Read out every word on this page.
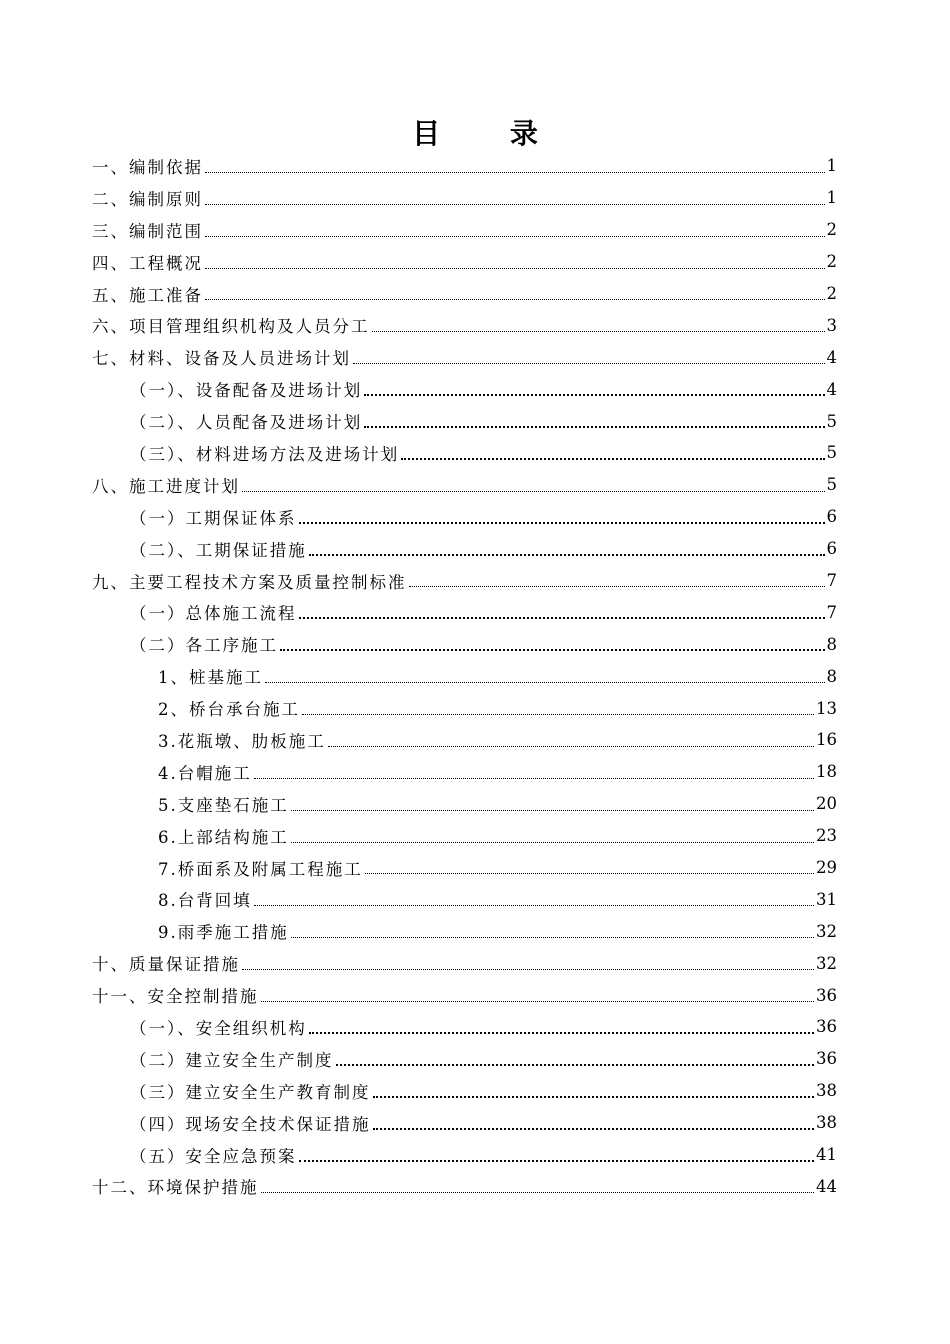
目 录
一、编制依据	1
二、编制原则	1
三、编制范围	2
四、工程概况	2
五、施工准备	2
六、项目管理组织机构及人员分工	3
七、材料、设备及人员进场计划	4
（一）、设备配备及进场计划	4
（二）、人员配备及进场计划	5
（三）、材料进场方法及进场计划	5
八、施工进度计划	5
（一）工期保证体系	6
（二）、工期保证措施	6
九、主要工程技术方案及质量控制标准	7
（一）总体施工流程	7
（二）各工序施工	8
1、桩基施工	8
2、桥台承台施工	13
3.花瓶墩、肋板施工	16
4.台帽施工	18
5.支座垫石施工	20
6.上部结构施工	23
7.桥面系及附属工程施工	29
8.台背回填	31
9.雨季施工措施	32
十、质量保证措施	32
十一、安全控制措施	36
（一）、安全组织机构	36
（二）建立安全生产制度	36
（三）建立安全生产教育制度	38
（四）现场安全技术保证措施	38
（五）安全应急预案	41
十二、环境保护措施	44
